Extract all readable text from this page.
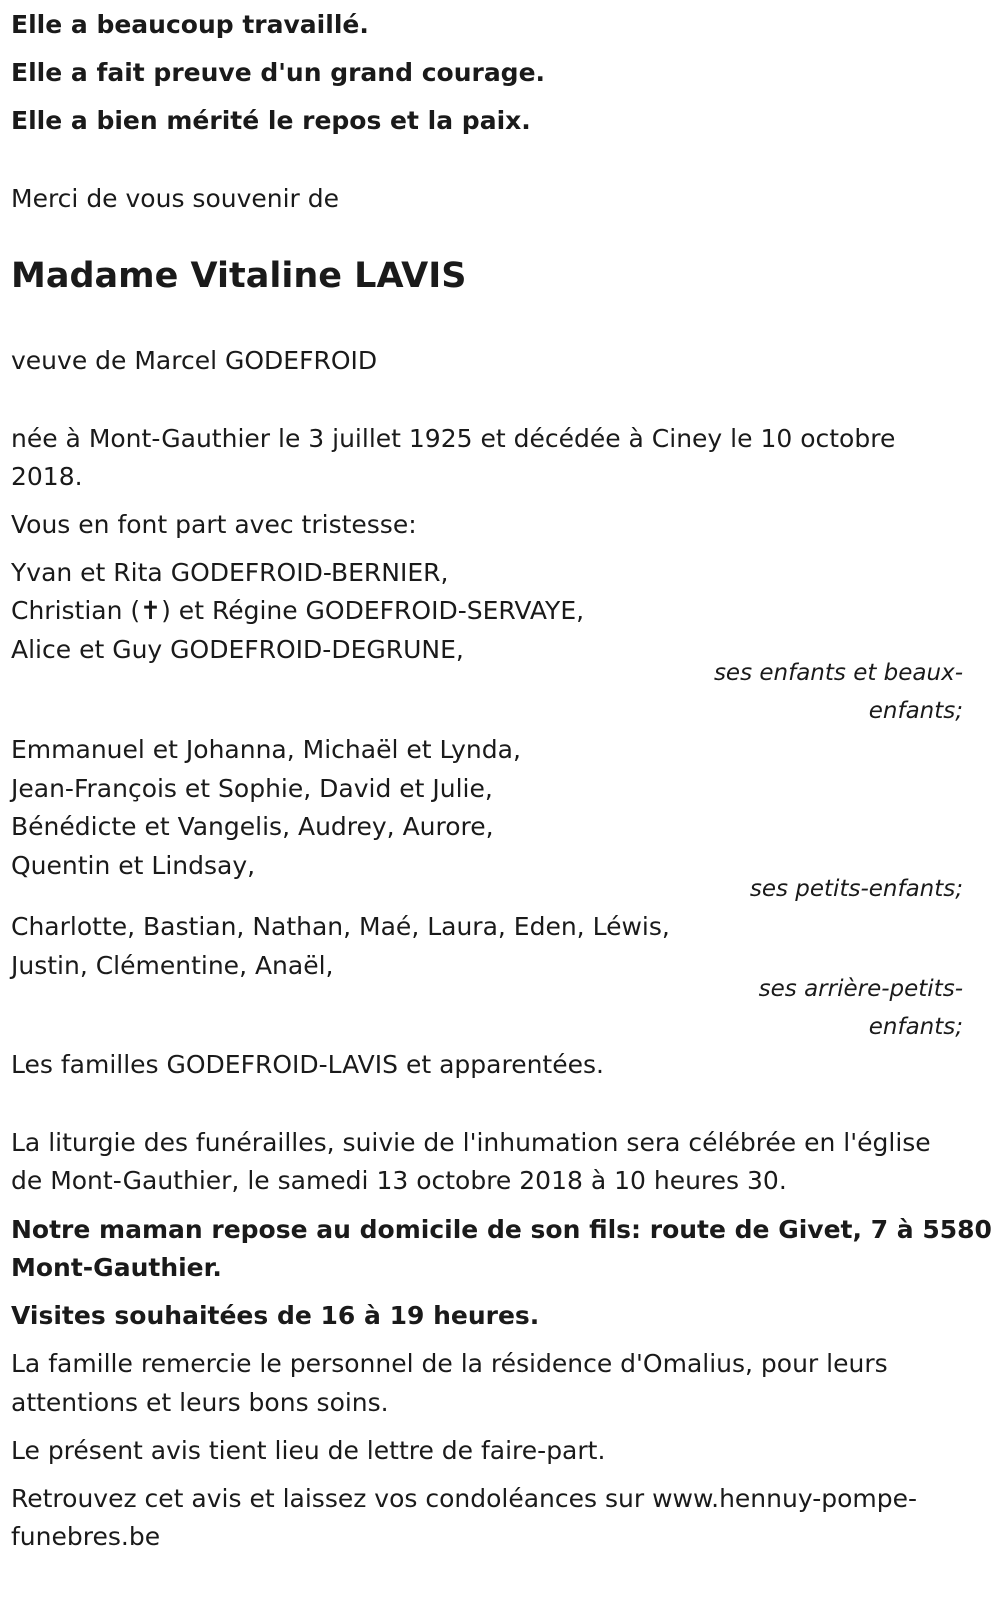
Elle a beaucoup travaillé.
Elle a fait preuve d'un grand courage.
Elle a bien mérité le repos et la paix.
Merci de vous souvenir de
Madame Vitaline LAVIS
veuve de Marcel GODEFROID
née à Mont-Gauthier le 3 juillet 1925 et décédée à Ciney le 10 octobre
2018.
Vous en font part avec tristesse:
Yvan et Rita GODEFROID-BERNIER,
Christian (✝) et Régine GODEFROID-SERVAYE,
Alice et Guy GODEFROID-DEGRUNE,
ses enfants et beaux-enfants;
Emmanuel et Johanna, Michaël et Lynda,
Jean-François et Sophie, David et Julie,
Bénédicte et Vangelis, Audrey, Aurore,
Quentin et Lindsay,
ses petits-enfants;
Charlotte, Bastian, Nathan, Maé, Laura, Eden, Léwis,
Justin, Clémentine, Anaël,
ses arrière-petits-enfants;
Les familles GODEFROID-LAVIS et apparentées.
La liturgie des funérailles, suivie de l'inhumation sera célébrée en l'église
de Mont-Gauthier, le samedi 13 octobre 2018 à 10 heures 30.
Notre maman repose au domicile de son fils: route de Givet, 7 à 5580
Mont-Gauthier.
Visites souhaitées de 16 à 19 heures.
La famille remercie le personnel de la résidence d'Omalius, pour leurs
attentions et leurs bons soins.
Le présent avis tient lieu de lettre de faire-part.
Retrouvez cet avis et laissez vos condoléances sur www.hennuy-pompe-
funebres.be
